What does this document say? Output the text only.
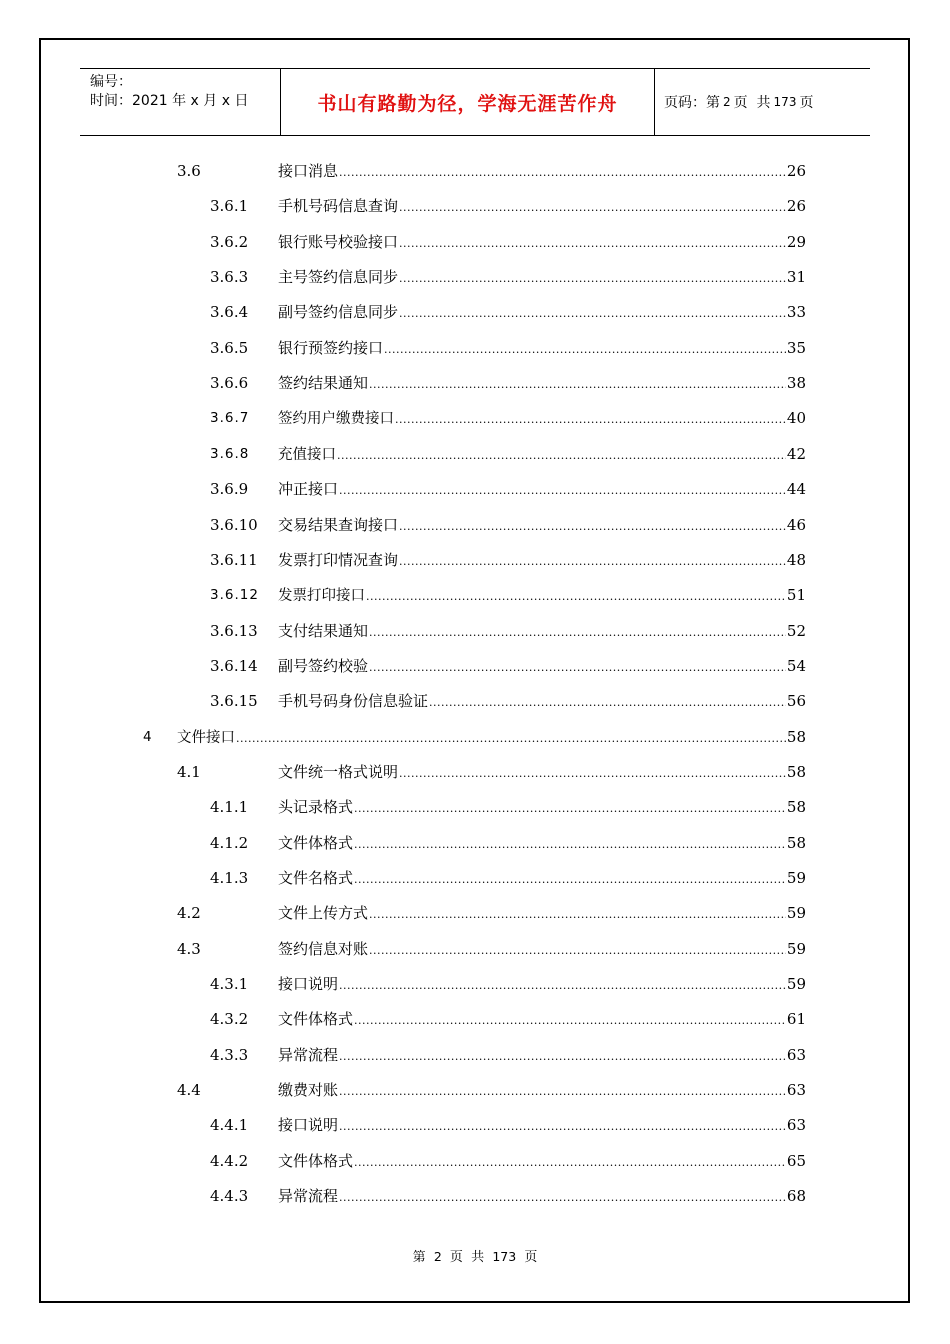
编号：
时间：2021 年 x 月 x 日	书山有路勤为径，学海无涯苦作舟	页码：第 2 页  共 173 页
3.6	接口消息 .....	26
3.6.1 手机号码信息查询 .....	26
3.6.2 银行账号校验接口 .....	29
3.6.3 主号签约信息同步 .....	31
3.6.4 副号签约信息同步 .....	33
3.6.5 银行预签约接口 .....	35
3.6.6 签约结果通知 .....	38
3.6.7 签约用户缴费接口 .....	40
3.6.8 充值接口 .....	42
3.6.9 冲正接口 .....	44
3.6.10 交易结果查询接口 .....	46
3.6.11 发票打印情况查询 .....	48
3.6.12 发票打印接口 .....	51
3.6.13 支付结果通知 .....	52
3.6.14 副号签约校验 .....	54
3.6.15 手机号码身份信息验证 .....	56
4 文件接口 .....	58
4.1	文件统一格式说明 .....	58
4.1.1 头记录格式 .....	58
4.1.2 文件体格式 .....	58
4.1.3 文件名格式 .....	59
4.2	文件上传方式 .....	59
4.3	签约信息对账 .....	59
4.3.1 接口说明 .....	59
4.3.2 文件体格式 .....	61
4.3.3 异常流程 .....	63
4.4	缴费对账 .....	63
4.4.1 接口说明 .....	63
4.4.2 文件体格式 .....	65
4.4.3 异常流程 .....	68
第 2 页  共 173 页
